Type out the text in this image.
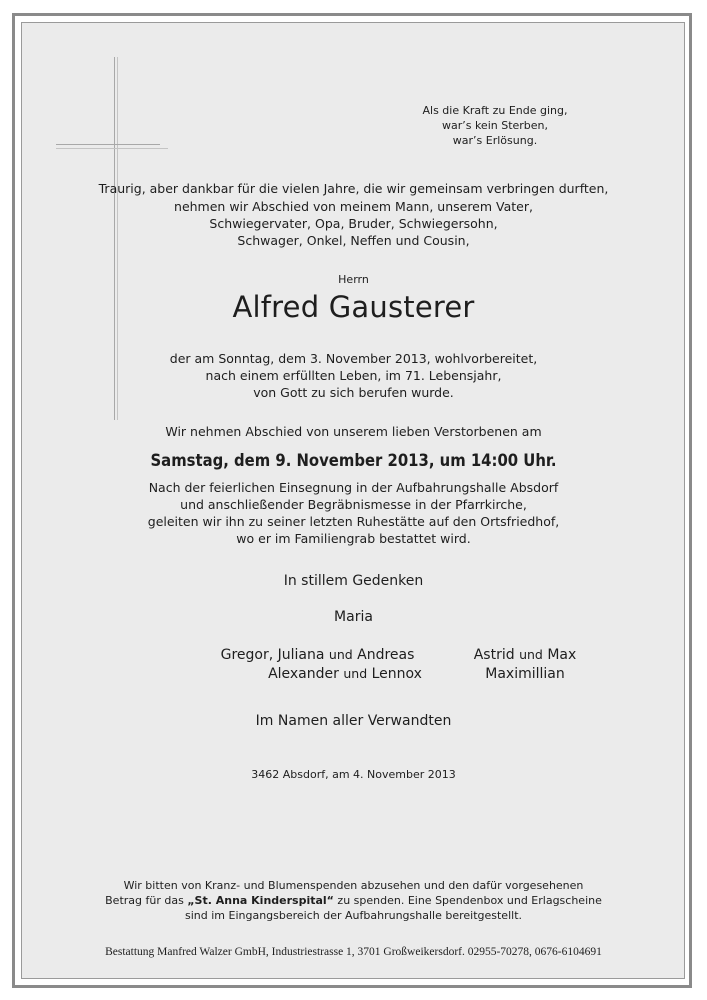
Als die Kraft zu Ende ging,
war’s kein Sterben,
war’s Erlösung.
Traurig, aber dankbar für die vielen Jahre, die wir gemeinsam verbringen durften,
nehmen wir Abschied von meinem Mann, unserem Vater,
Schwiegervater, Opa, Bruder, Schwiegersohn,
Schwager, Onkel, Neffen und Cousin,
Herrn
Alfred Gausterer
der am Sonntag, dem 3. November 2013, wohlvorbereitet,
nach einem erfüllten Leben, im 71. Lebensjahr,
von Gott zu sich berufen wurde.
Wir nehmen Abschied von unserem lieben Verstorbenen am
Samstag, dem 9. November 2013, um 14:00 Uhr.
Nach der feierlichen Einsegnung in der Aufbahrungshalle Absdorf
und anschließender Begräbnismesse in der Pfarrkirche,
geleiten wir ihn zu seiner letzten Ruhestätte auf den Ortsfriedhof,
wo er im Familiengrab bestattet wird.
In stillem Gedenken
Maria
Gregor, Juliana und Andreas
Alexander und Lennox
Astrid und Max
Maximillian
Im Namen aller Verwandten
3462 Absdorf, am 4. November 2013
Wir bitten von Kranz- und Blumenspenden abzusehen und den dafür vorgesehenen
Betrag für das „St. Anna Kinderspital“ zu spenden. Eine Spendenbox und Erlagscheine
sind im Eingangsbereich der Aufbahrungshalle bereitgestellt.
Bestattung Manfred Walzer GmbH, Industriestrasse 1, 3701 Großweikersdorf. 02955-70278, 0676-6104691
